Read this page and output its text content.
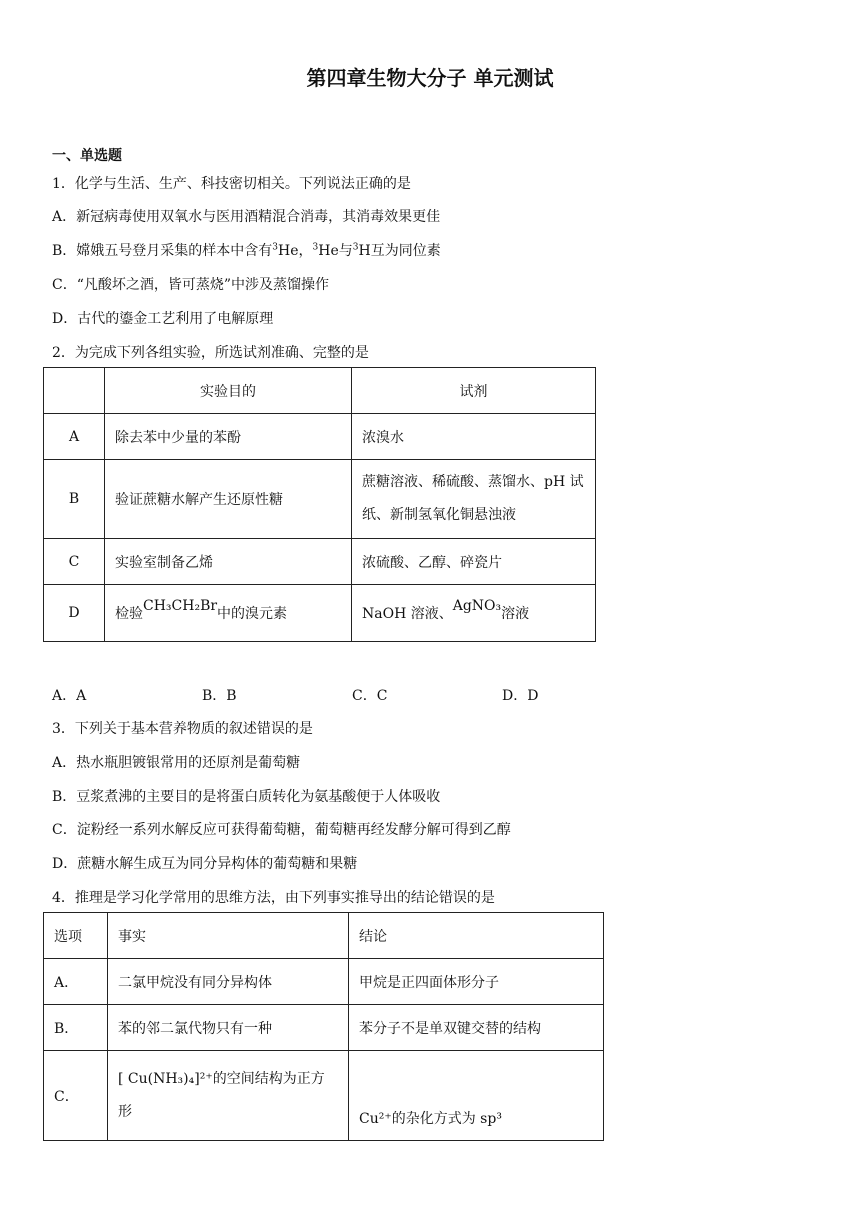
第四章生物大分子 单元测试
一、单选题
1．化学与生活、生产、科技密切相关。下列说法正确的是
A．新冠病毒使用双氧水与医用酒精混合消毒，其消毒效果更佳
B．嫦娥五号登月采集的样本中含有$^3$He，$^3$He与$^3$H互为同位素
C．“凡酸坏之酒，皆可蒸烧”中涉及蒸馏操作
D．古代的鎏金工艺利用了电解原理
2．为完成下列各组实验，所选试剂准确、完整的是
	实验目的	试剂
A	除去苯中少量的苯酚	浓溴水
B	验证蔗糖水解产生还原性糖	蔗糖溶液、稀硫酸、蒸馏水、pH 试
纸、新制氢氧化铜悬浊液

C	实验室制备乙烯	浓硫酸、乙醇、碎瓷片
D	检验CH₃CH₂Br中的溴元素	NaOH 溶液、AgNO₃溶液
A．A	B．B	C．C	D．D
3．下列关于基本营养物质的叙述错误的是
A．热水瓶胆镀银常用的还原剂是葡萄糖
B．豆浆煮沸的主要目的是将蛋白质转化为氨基酸便于人体吸收
C．淀粉经一系列水解反应可获得葡萄糖，葡萄糖再经发酵分解可得到乙醇
D．蔗糖水解生成互为同分异构体的葡萄糖和果糖
4．推理是学习化学常用的思维方法，由下列事实推导出的结论错误的是
选项	事实	结论
A．	二氯甲烷没有同分异构体	甲烷是正四面体形分子
B．	苯的邻二氯代物只有一种	苯分子不是单双键交替的结构
C．	[ Cu(NH₃)₄]²⁺的空间结构为正方
形	Cu²⁺的杂化方式为 sp³
